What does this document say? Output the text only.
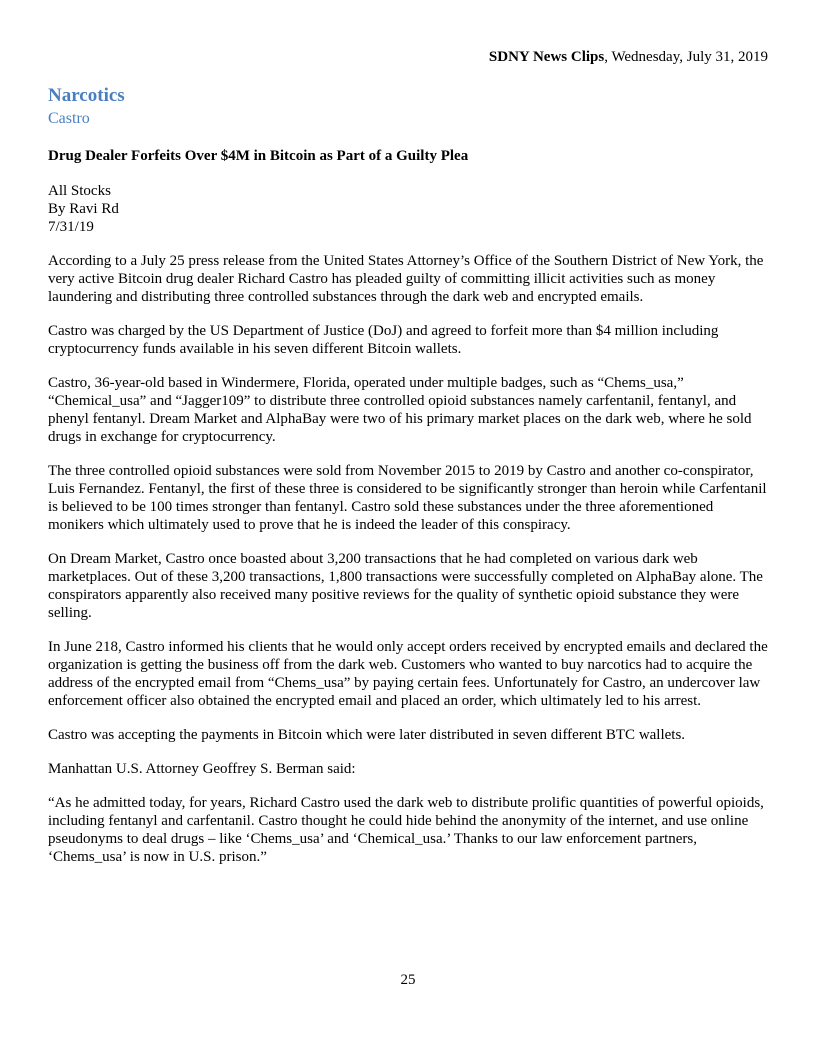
SDNY News Clips, Wednesday, July 31, 2019
Narcotics
Castro
Drug Dealer Forfeits Over $4M in Bitcoin as Part of a Guilty Plea
All Stocks
By Ravi Rd
7/31/19

According to a July 25 press release from the United States Attorney’s Office of the Southern District of New York, the very active Bitcoin drug dealer Richard Castro has pleaded guilty of committing illicit activities such as money laundering and distributing three controlled substances through the dark web and encrypted emails.

Castro was charged by the US Department of Justice (DoJ) and agreed to forfeit more than $4 million including cryptocurrency funds available in his seven different Bitcoin wallets.

Castro, 36-year-old based in Windermere, Florida, operated under multiple badges, such as “Chems_usa,” “Chemical_usa” and “Jagger109” to distribute three controlled opioid substances namely carfentanil, fentanyl, and phenyl fentanyl. Dream Market and AlphaBay were two of his primary market places on the dark web, where he sold drugs in exchange for cryptocurrency.

The three controlled opioid substances were sold from November 2015 to 2019 by Castro and another co-conspirator, Luis Fernandez. Fentanyl, the first of these three is considered to be significantly stronger than heroin while Carfentanil is believed to be 100 times stronger than fentanyl. Castro sold these substances under the three aforementioned monikers which ultimately used to prove that he is indeed the leader of this conspiracy.

On Dream Market, Castro once boasted about 3,200 transactions that he had completed on various dark web marketplaces. Out of these 3,200 transactions, 1,800 transactions were successfully completed on AlphaBay alone. The conspirators apparently also received many positive reviews for the quality of synthetic opioid substance they were selling.

In June 218, Castro informed his clients that he would only accept orders received by encrypted emails and declared the organization is getting the business off from the dark web. Customers who wanted to buy narcotics had to acquire the address of the encrypted email from “Chems_usa” by paying certain fees. Unfortunately for Castro, an undercover law enforcement officer also obtained the encrypted email and placed an order, which ultimately led to his arrest.

Castro was accepting the payments in Bitcoin which were later distributed in seven different BTC wallets.

Manhattan U.S. Attorney Geoffrey S. Berman said:

“As he admitted today, for years, Richard Castro used the dark web to distribute prolific quantities of powerful opioids, including fentanyl and carfentanil. Castro thought he could hide behind the anonymity of the internet, and use online pseudonyms to deal drugs – like ‘Chems_usa’ and ‘Chemical_usa.’ Thanks to our law enforcement partners, ‘Chems_usa’ is now in U.S. prison.”

25
